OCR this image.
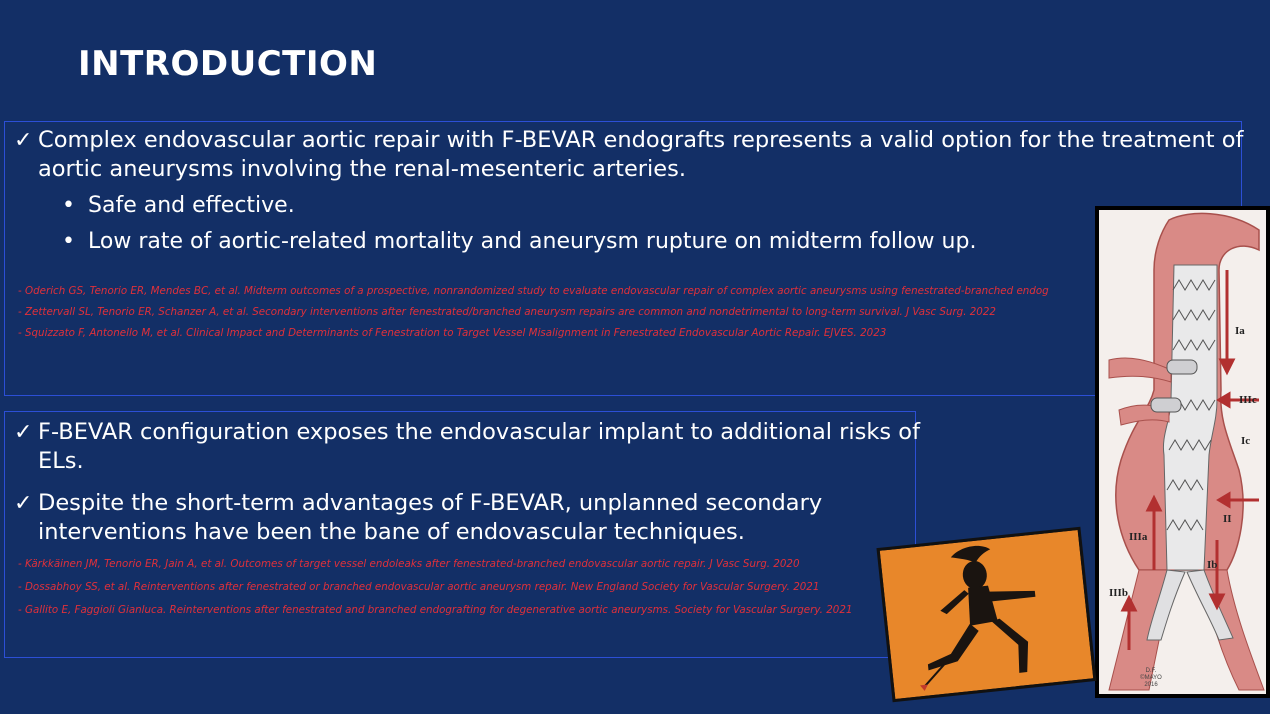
INTRODUCTION
✓ Complex endovascular aortic repair with F-BEVAR endografts represents a valid option for the treatment of
aortic aneurysms involving the renal-mesenteric arteries.
• Safe and effective.
• Low rate of aortic-related mortality and aneurysm rupture on midterm follow up.
- Oderich GS, Tenorio ER, Mendes BC, et al. Midterm outcomes of a prospective, nonrandomized study to evaluate endovascular repair of complex aortic aneurysms using fenestrated-branched endog
- Zettervall SL, Tenorio ER, Schanzer A, et al. Secondary interventions after fenestrated/branched aneurysm repairs are common and nondetrimental to long-term survival. J Vasc Surg. 2022
- Squizzato F, Antonello M, et al. Clinical Impact and Determinants of Fenestration to Target Vessel Misalignment in Fenestrated Endovascular Aortic Repair. EJVES. 2023
✓ F-BEVAR configuration exposes the endovascular implant to additional risks of
ELs.
✓ Despite the short-term advantages of F-BEVAR, unplanned secondary
interventions have been the bane of endovascular techniques.
- Kärkkäinen JM, Tenorio ER, Jain A, et al. Outcomes of target vessel endoleaks after fenestrated-branched endovascular aortic repair. J Vasc Surg. 2020
- Dossabhoy SS, et al. Reinterventions after fenestrated or branched endovascular aortic aneurysm repair. New England Society for Vascular Surgery. 2021
- Gallito E, Faggioli Gianluca. Reinterventions after fenestrated and branched endografting for degenerative aortic aneurysms. Society for Vascular Surgery. 2021
Ia
IIIc
Ic
II
IIIa
Ib
IIIb
D.F.
©MAYO
2016
